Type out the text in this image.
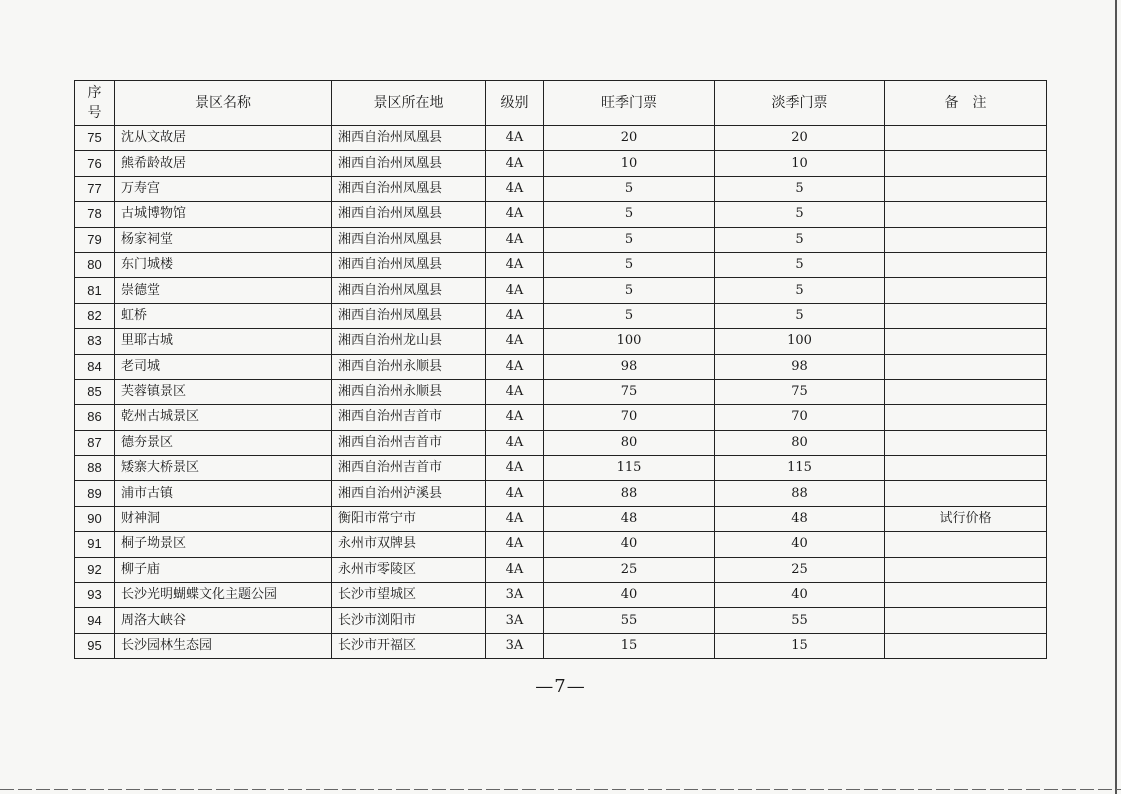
序
号	景区名称	景区所在地	级别	旺季门票	淡季门票	备　注
75	沈从文故居	湘西自治州凤凰县	4A	20	20	
76	熊希龄故居	湘西自治州凤凰县	4A	10	10	
77	万寿宫	湘西自治州凤凰县	4A	5	5	
78	古城博物馆	湘西自治州凤凰县	4A	5	5	
79	杨家祠堂	湘西自治州凤凰县	4A	5	5	
80	东门城楼	湘西自治州凤凰县	4A	5	5	
81	崇德堂	湘西自治州凤凰县	4A	5	5	
82	虹桥	湘西自治州凤凰县	4A	5	5	
83	里耶古城	湘西自治州龙山县	4A	100	100	
84	老司城	湘西自治州永顺县	4A	98	98	
85	芙蓉镇景区	湘西自治州永顺县	4A	75	75	
86	乾州古城景区	湘西自治州吉首市	4A	70	70	
87	德夯景区	湘西自治州吉首市	4A	80	80	
88	矮寨大桥景区	湘西自治州吉首市	4A	115	115	
89	浦市古镇	湘西自治州泸溪县	4A	88	88	
90	财神洞	衡阳市常宁市	4A	48	48	试行价格
91	桐子坳景区	永州市双牌县	4A	40	40	
92	柳子庙	永州市零陵区	4A	25	25	
93	长沙光明蝴蝶文化主题公园	长沙市望城区	3A	40	40	
94	周洛大峡谷	长沙市浏阳市	3A	55	55	
95	长沙园林生态园	长沙市开福区	3A	15	15	
—7—
